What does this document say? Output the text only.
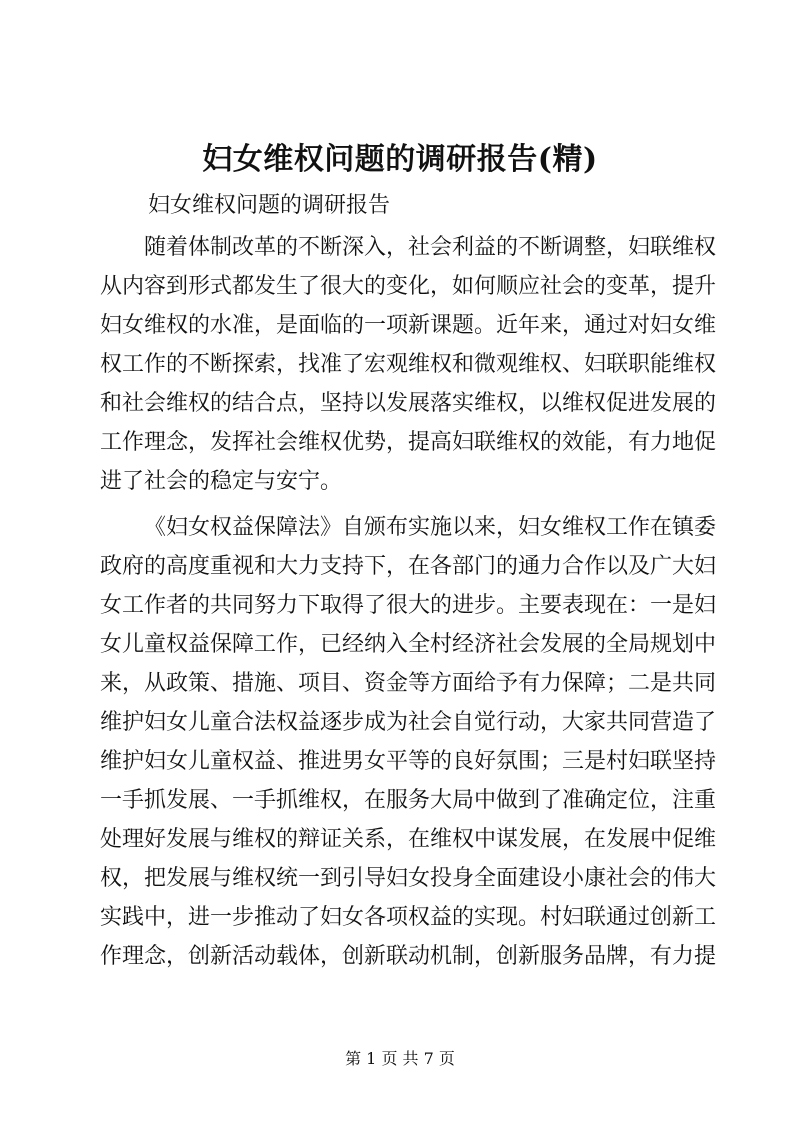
妇女维权问题的调研报告(精)

妇女维权问题的调研报告

随着体制改革的不断深入，社会利益的不断调整，妇联维权
从内容到形式都发生了很大的变化，如何顺应社会的变革，提升
妇女维权的水准，是面临的一项新课题。近年来，通过对妇女维
权工作的不断探索，找准了宏观维权和微观维权、妇联职能维权
和社会维权的结合点，坚持以发展落实维权，以维权促进发展的
工作理念，发挥社会维权优势，提高妇联维权的效能，有力地促
进了社会的稳定与安宁。
《妇女权益保障法》自颁布实施以来，妇女维权工作在镇委
政府的高度重视和大力支持下，在各部门的通力合作以及广大妇
女工作者的共同努力下取得了很大的进步。主要表现在：一是妇
女儿童权益保障工作，已经纳入全村经济社会发展的全局规划中
来，从政策、措施、项目、资金等方面给予有力保障；二是共同
维护妇女儿童合法权益逐步成为社会自觉行动，大家共同营造了
维护妇女儿童权益、推进男女平等的良好氛围；三是村妇联坚持
一手抓发展、一手抓维权，在服务大局中做到了准确定位，注重
处理好发展与维权的辩证关系，在维权中谋发展，在发展中促维
权，把发展与维权统一到引导妇女投身全面建设小康社会的伟大
实践中，进一步推动了妇女各项权益的实现。村妇联通过创新工
作理念，创新活动载体，创新联动机制，创新服务品牌，有力提

第 1 页 共 7 页
